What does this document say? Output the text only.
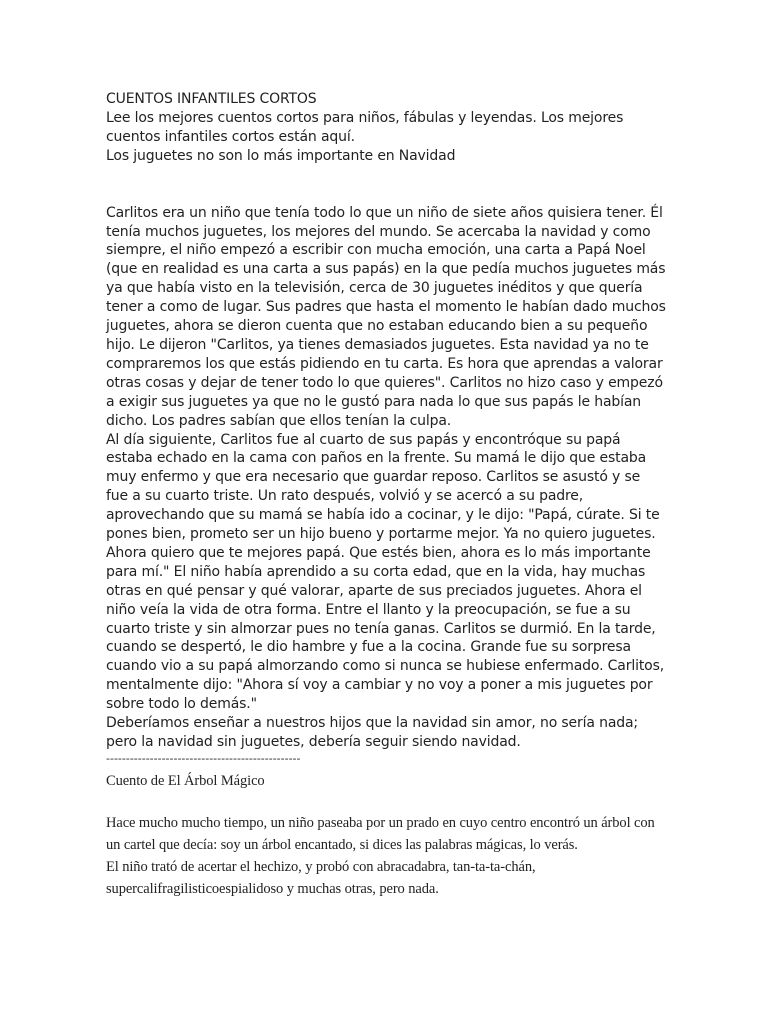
CUENTOS INFANTILES CORTOS

Lee los mejores cuentos cortos para niños, fábulas y leyendas. Los mejores cuentos infantiles cortos están aquí.

Los juguetes no son lo más importante en Navidad

Carlitos era un niño que tenía todo lo que un niño de siete años quisiera tener. Él tenía muchos juguetes, los mejores del mundo. Se acercaba la navidad y como siempre, el niño empezó a escribir con mucha emoción, una carta a Papá Noel (que en realidad es una carta a sus papás) en la que pedía muchos juguetes más ya que había visto en la televisión, cerca de 30 juguetes inéditos y que quería tener a como de lugar. Sus padres que hasta el momento le habían dado muchos juguetes, ahora se dieron cuenta que no estaban educando bien a su pequeño hijo. Le dijeron "Carlitos, ya tienes demasiados juguetes. Esta navidad ya no te compraremos los que estás pidiendo en tu carta. Es hora que aprendas a valorar otras cosas y dejar de tener todo lo que quieres". Carlitos no hizo caso y empezó a exigir sus juguetes ya que no le gustó para nada lo que sus papás le habían dicho. Los padres sabían que ellos tenían la culpa.

Al día siguiente, Carlitos fue al cuarto de sus papás y encontróque su papá estaba echado en la cama con paños en la frente. Su mamá le dijo que estaba muy enfermo y que era necesario que guardar reposo. Carlitos se asustó y se fue a su cuarto triste. Un rato después, volvió y se acercó a su padre, aprovechando que su mamá se había ido a cocinar, y le dijo: "Papá, cúrate. Si te pones bien, prometo ser un hijo bueno y portarme mejor. Ya no quiero juguetes. Ahora quiero que te mejores papá. Que estés bien, ahora es lo más importante para mí." El niño había aprendido a su corta edad, que en la vida, hay muchas otras en qué pensar y qué valorar, aparte de sus preciados juguetes. Ahora el niño veía la vida de otra forma. Entre el llanto y la preocupación, se fue a su cuarto triste y sin almorzar pues no tenía ganas. Carlitos se durmió. En la tarde, cuando se despertó, le dio hambre y fue a la cocina. Grande fue su sorpresa cuando vio a su papá almorzando como si nunca se hubiese enfermado. Carlitos, mentalmente dijo: "Ahora sí voy a cambiar y no voy a poner a mis juguetes por sobre todo lo demás."

Deberíamos enseñar a nuestros hijos que la navidad sin amor, no sería nada; pero la navidad sin juguetes, debería seguir siendo navidad.

-------------------------------------------------

Cuento de El Árbol Mágico

Hace mucho mucho tiempo, un niño paseaba por un prado en cuyo centro encontró un árbol con un cartel que decía: soy un árbol encantado, si dices las palabras mágicas, lo verás.

El niño trató de acertar el hechizo, y probó con abracadabra, tan-ta-ta-chán, supercalifragilisticoespialidoso y muchas otras, pero nada.
